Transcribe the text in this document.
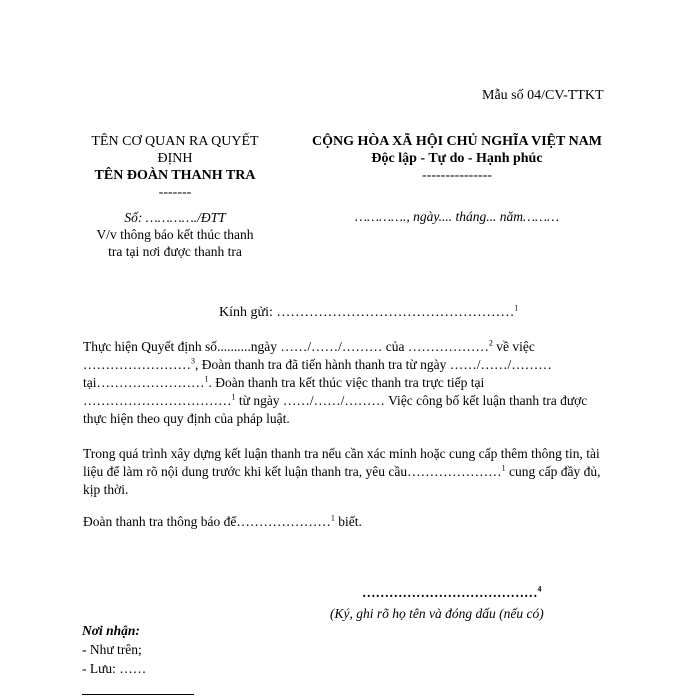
Mẫu số 04/CV-TTKT
TÊN CƠ QUAN RA QUYẾT
ĐỊNH
TÊN ĐOÀN THANH TRA
-------
CỘNG HÒA XÃ HỘI CHỦ NGHĨA VIỆT NAM
Độc lập - Tự do - Hạnh phúc
---------------
Số: …………./ĐTT
V/v thông báo kết thúc thanh
tra tại nơi được thanh tra
…………., ngày.... tháng... năm………
Kính gửi: ……………………………………………$^1$
Thực hiện Quyết định số..........ngày ……/……/……… của ………………$^2$ về việc ……………………$^3$, Đoàn thanh tra đã tiến hành thanh tra từ ngày ……/……/……… tại……………………$^1$. Đoàn thanh tra kết thúc việc thanh tra trực tiếp tại ……………………………$^1$ từ ngày ……/……/……… Việc công bố kết luận thanh tra được thực hiện theo quy định của pháp luật.
Trong quá trình xây dựng kết luận thanh tra nếu cần xác minh hoặc cung cấp thêm thông tin, tài liệu để làm rõ nội dung trước khi kết luận thanh tra, yêu cầu…………………$^1$ cung cấp đầy đủ, kịp thời.
Đoàn thanh tra thông báo để…………………$^1$ biết.
…………………………………$^4$
(Ký, ghi rõ họ tên và đóng dấu (nếu có)
Nơi nhận:
- Như trên;
- Lưu: ……
